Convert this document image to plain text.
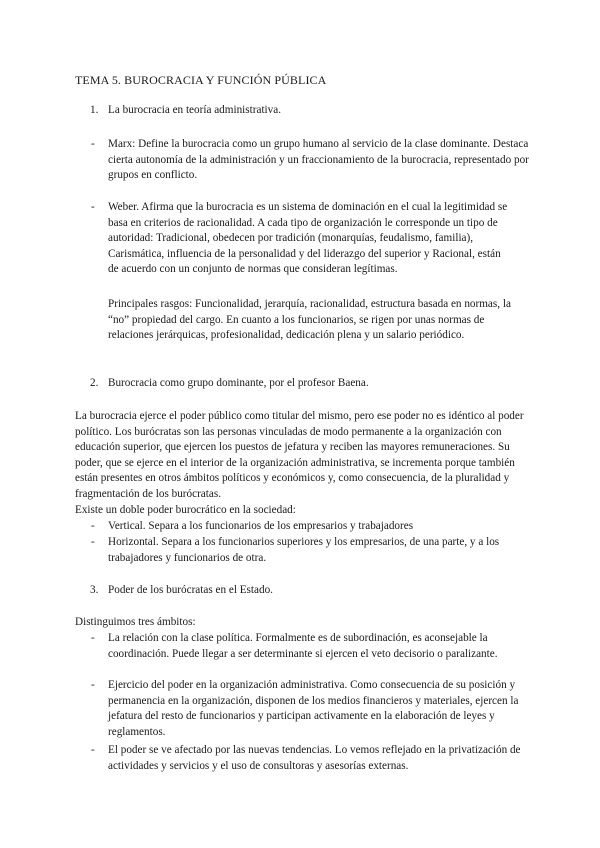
TEMA 5. BUROCRACIA Y FUNCIÓN PÚBLICA
1. La burocracia en teoría administrativa.
- Marx: Define la burocracia como un grupo humano al servicio de la clase dominante. Destaca cierta autonomía de la administración y un fraccionamiento de la burocracia, representado por grupos en conflicto.
- Weber. Afirma que la burocracia es un sistema de dominación en el cual la legitimidad se basa en criterios de racionalidad. A cada tipo de organización le corresponde un tipo de autoridad: Tradicional, obedecen por tradición (monarquías, feudalismo, familia), Carismática, influencia de la personalidad y del liderazgo del superior y Racional, están de acuerdo con un conjunto de normas que consideran legítimas.
Principales rasgos: Funcionalidad, jerarquía, racionalidad, estructura basada en normas, la “no” propiedad del cargo. En cuanto a los funcionarios, se rigen por unas normas de relaciones jerárquicas, profesionalidad, dedicación plena y un salario periódico.
2. Burocracia como grupo dominante, por el profesor Baena.
La burocracia ejerce el poder público como titular del mismo, pero ese poder no es idéntico al poder político. Los burócratas son las personas vinculadas de modo permanente a la organización con educación superior, que ejercen los puestos de jefatura y reciben las mayores remuneraciones. Su poder, que se ejerce en el interior de la organización administrativa, se incrementa porque también están presentes en otros ámbitos políticos y económicos y, como consecuencia, de la pluralidad y fragmentación de los burócratas.
Existe un doble poder burocrático en la sociedad:
- Vertical. Separa a los funcionarios de los empresarios y trabajadores
- Horizontal. Separa a los funcionarios superiores y los empresarios, de una parte, y a los trabajadores y funcionarios de otra.
3. Poder de los burócratas en el Estado.
Distinguimos tres ámbitos:
- La relación con la clase política. Formalmente es de subordinación, es aconsejable la coordinación. Puede llegar a ser determinante si ejercen el veto decisorio o paralizante.
- Ejercicio del poder en la organización administrativa. Como consecuencia de su posición y permanencia en la organización, disponen de los medios financieros y materiales, ejercen la jefatura del resto de funcionarios y participan activamente en la elaboración de leyes y reglamentos.
- El poder se ve afectado por las nuevas tendencias. Lo vemos reflejado en la privatización de actividades y servicios y el uso de consultoras y asesorías externas.
